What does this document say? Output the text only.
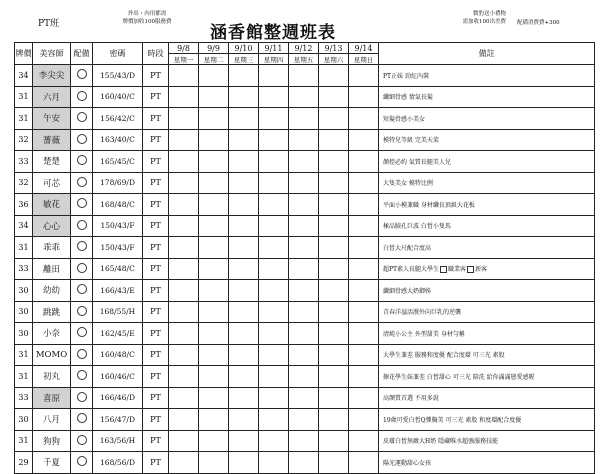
PT班
外出・內用都需
牌價加收100服務費
涵香館整週班表
微豹送小禮物
需加收100出差費 配備消費費+300
牌價	美容師	配備	密碼	時段	9/8	9/9	9/10	9/11	9/12	9/13	9/14	備註
					星期一	星期二	星期三	星期四	星期五	星期六	星期日	
34	李尖尖		155/43/D	PT								PT正妹 勁紅內裝
31	六月		160/40/C	PT								纖細骨感 情氣長髮
31	午安		156/42/C	PT								短髮骨感小美女
32	薔薇		163/40/C	PT								模特兒等級 完美天菜
33	楚楚		165/45/C	PT								顏控必約 氣質長腿美人兒
32	可芯		178/69/D	PT								大隻美女 模特比例
36	敏花		168/48/C	PT								平面小模兼職 身材纖長頂級大花板
34	心心		150/43/F	PT								極品臉孔巨波 白皙小隻馬
31	乖乖		150/43/F	PT								白皙大尺配合度高
33	離田		165/48/C	PT								超PT素人長腿大學生 職業客 新客
30	幼幼		166/43/E	PT								纖細骨感大奶御姊
30	跳跳		168/55/H	PT								青春洋溢活潑外向巨乳的逆襲
30	小奈		162/45/E	PT								清純小公主 外型甜美 身材勻稱
31	MOMO		160/48/C	PT								大學生兼差 服務和度優 配合度環 可三光 素股
31	初丸		160/46/C	PT								擦花學生妹兼差 白皙甜心 可三光 陪洗 給你滿滿戀愛感喔
33	喜原		166/46/D	PT								高顏質首選 不用多說
30	八月		156/47/D	PT								19歲可愛白皙Q彈胸美 可三光 素股 和度環配合度優
31	狗狗		163/56/H	PT								皮膚白皙無敵大H奶 隱藏唯水超強服務技能
29	千夏		168/56/D	PT								陽光運動甜心女孩
